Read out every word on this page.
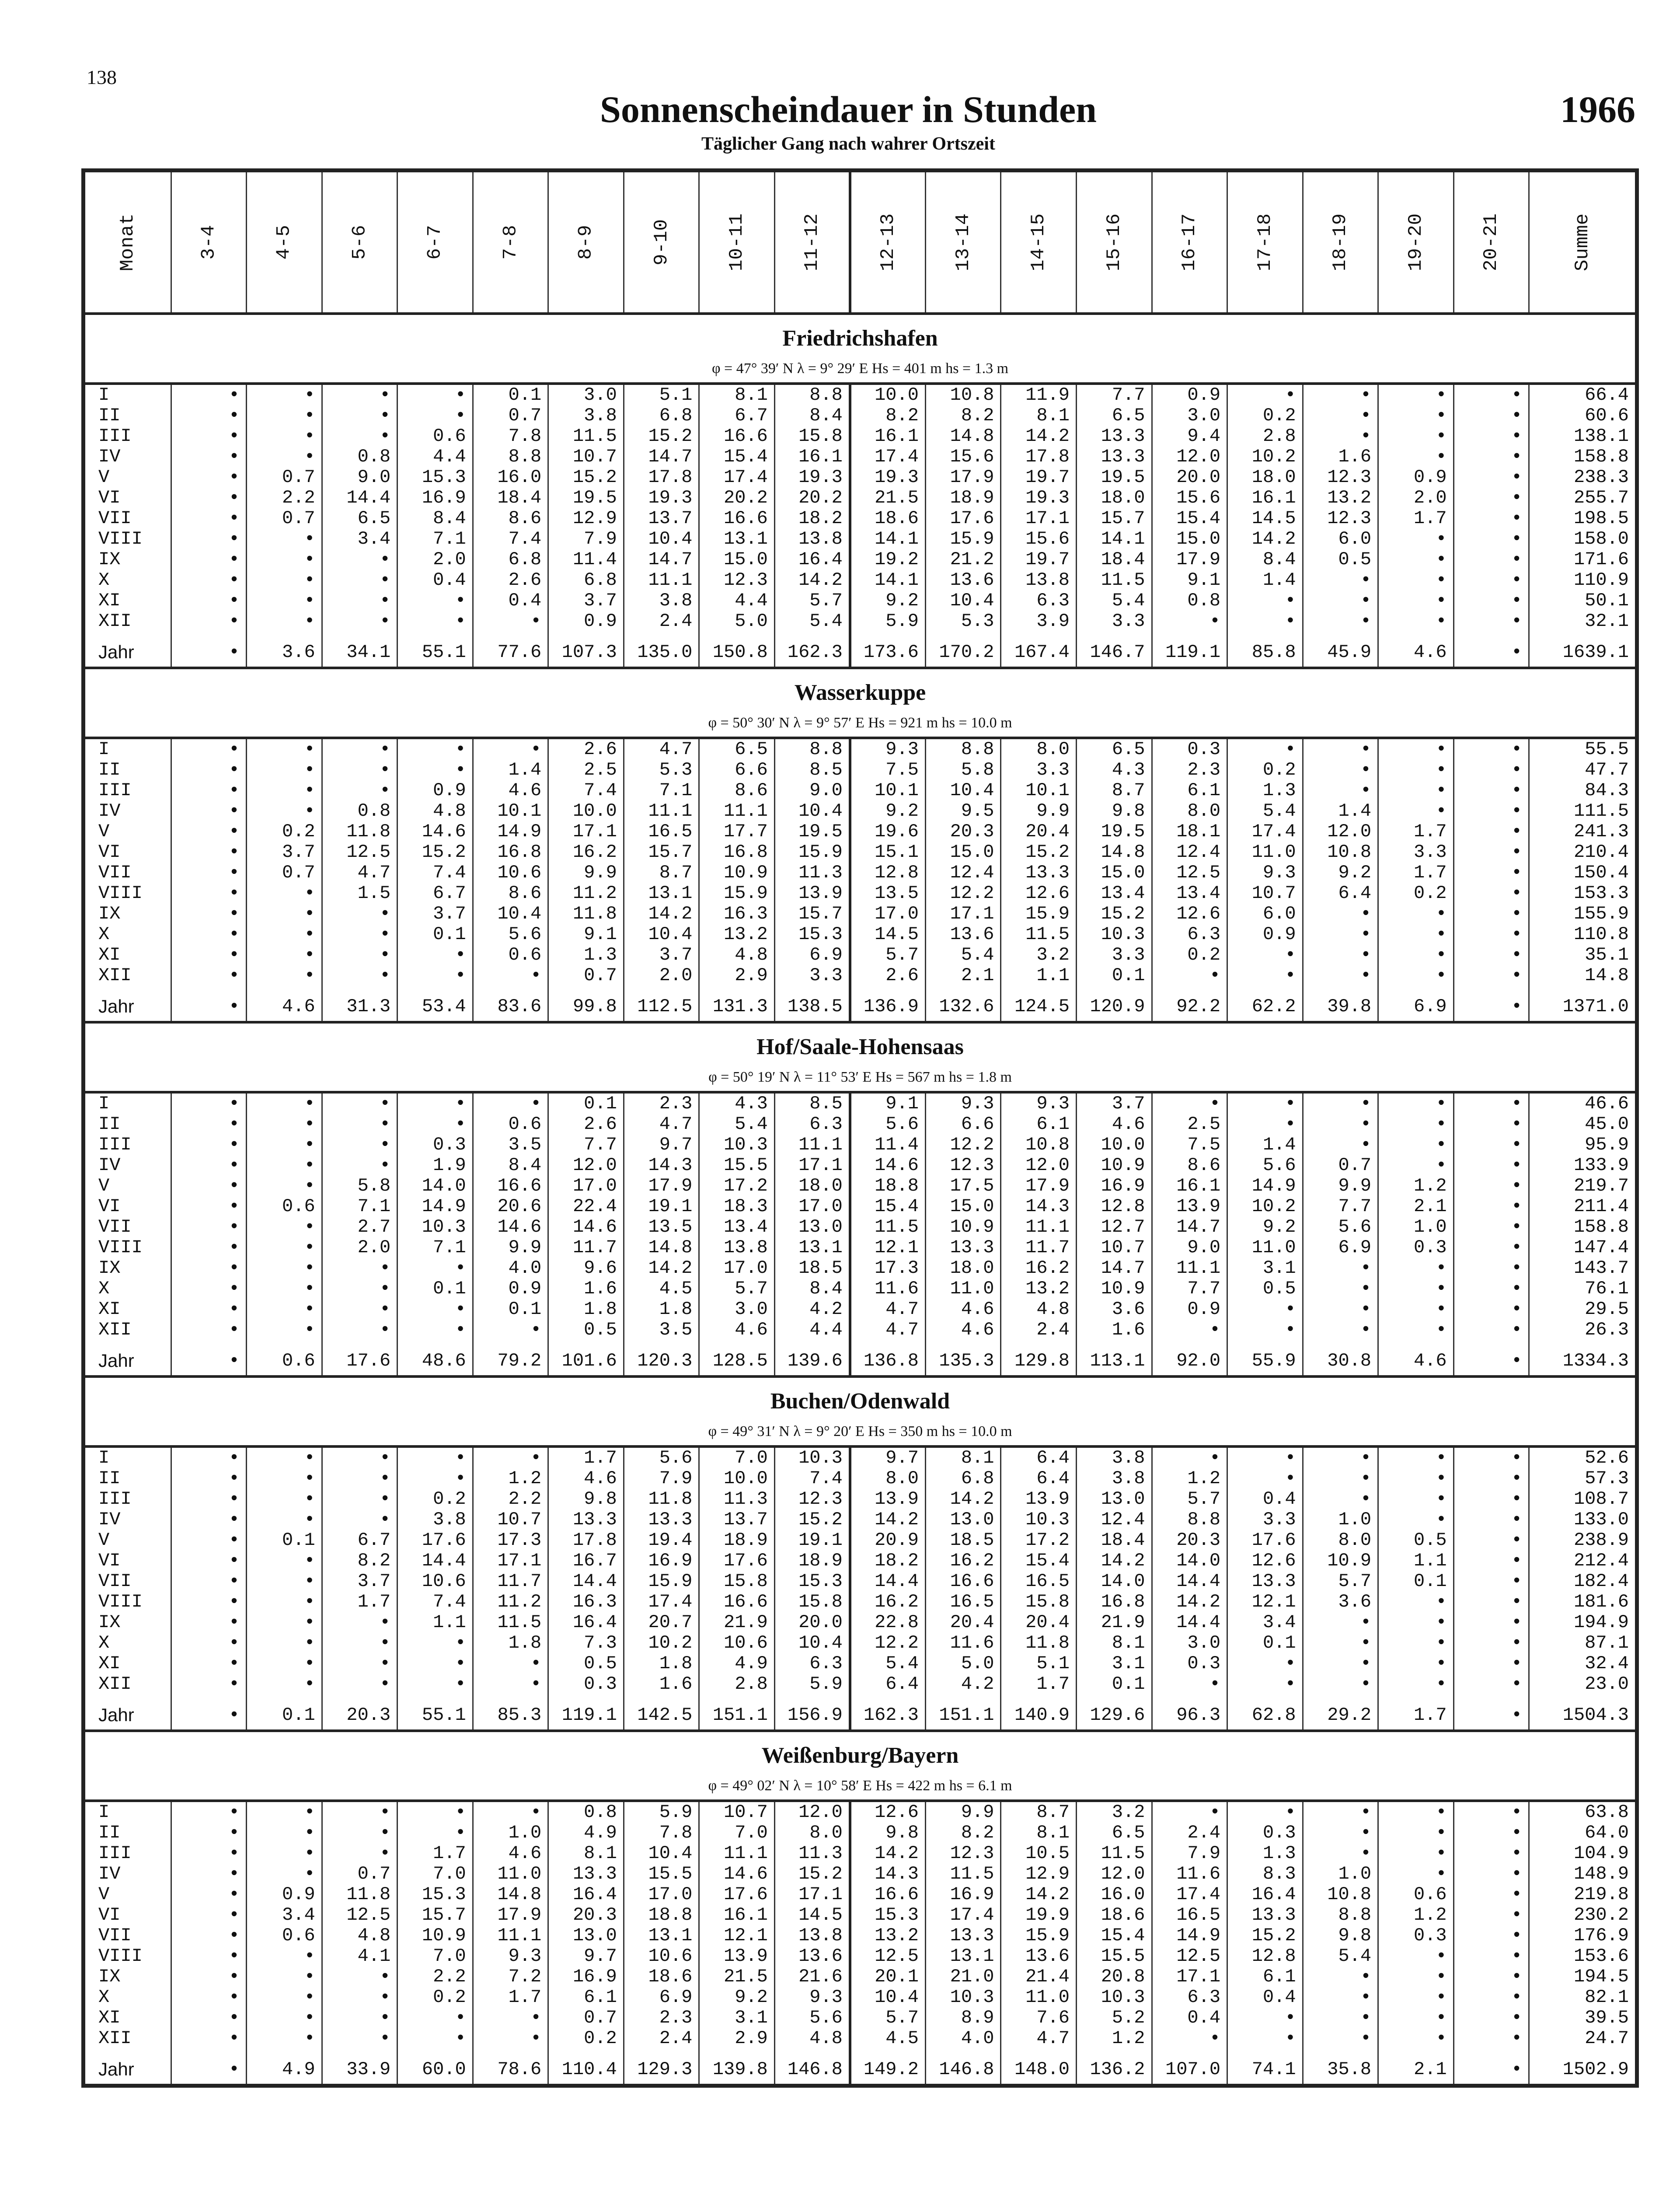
138
Sonnenscheindauer in Stunden	1966
Täglicher Gang nach wahrer Ortszeit
Monat	3-4	4-5	5-6	6-7	7-8	8-9	9-10	10-11	11-12	12-13	13-14	14-15	15-16	16-17	17-18	18-19	19-20	20-21	Summe
Friedrichshafen																			
φ = 47° 39′ N λ = 9° 29′ E Hs = 401 m hs = 1.3 m																			
I	•	•	•	•	0.1	3.0	5.1	8.1	8.8	10.0	10.8	11.9	7.7	0.9	•	•	•	•	66.4
II	•	•	•	•	0.7	3.8	6.8	6.7	8.4	8.2	8.2	8.1	6.5	3.0	0.2	•	•	•	60.6
III	•	•	•	0.6	7.8	11.5	15.2	16.6	15.8	16.1	14.8	14.2	13.3	9.4	2.8	•	•	•	138.1
IV	•	•	0.8	4.4	8.8	10.7	14.7	15.4	16.1	17.4	15.6	17.8	13.3	12.0	10.2	1.6	•	•	158.8
V	•	0.7	9.0	15.3	16.0	15.2	17.8	17.4	19.3	19.3	17.9	19.7	19.5	20.0	18.0	12.3	0.9	•	238.3
VI	•	2.2	14.4	16.9	18.4	19.5	19.3	20.2	20.2	21.5	18.9	19.3	18.0	15.6	16.1	13.2	2.0	•	255.7
VII	•	0.7	6.5	8.4	8.6	12.9	13.7	16.6	18.2	18.6	17.6	17.1	15.7	15.4	14.5	12.3	1.7	•	198.5
VIII	•	•	3.4	7.1	7.4	7.9	10.4	13.1	13.8	14.1	15.9	15.6	14.1	15.0	14.2	6.0	•	•	158.0
IX	•	•	•	2.0	6.8	11.4	14.7	15.0	16.4	19.2	21.2	19.7	18.4	17.9	8.4	0.5	•	•	171.6
X	•	•	•	0.4	2.6	6.8	11.1	12.3	14.2	14.1	13.6	13.8	11.5	9.1	1.4	•	•	•	110.9
XI	•	•	•	•	0.4	3.7	3.8	4.4	5.7	9.2	10.4	6.3	5.4	0.8	•	•	•	•	50.1
XII	•	•	•	•	•	0.9	2.4	5.0	5.4	5.9	5.3	3.9	3.3	•	•	•	•	•	32.1

Jahr	•	3.6	34.1	55.1	77.6	107.3	135.0	150.8	162.3	173.6	170.2	167.4	146.7	119.1	85.8	45.9	4.6	•	1639.1
Wasserkuppe																			
φ = 50° 30′ N λ = 9° 57′ E Hs = 921 m hs = 10.0 m																			
I	•	•	•	•	•	2.6	4.7	6.5	8.8	9.3	8.8	8.0	6.5	0.3	•	•	•	•	55.5
II	•	•	•	•	1.4	2.5	5.3	6.6	8.5	7.5	5.8	3.3	4.3	2.3	0.2	•	•	•	47.7
III	•	•	•	0.9	4.6	7.4	7.1	8.6	9.0	10.1	10.4	10.1	8.7	6.1	1.3	•	•	•	84.3
IV	•	•	0.8	4.8	10.1	10.0	11.1	11.1	10.4	9.2	9.5	9.9	9.8	8.0	5.4	1.4	•	•	111.5
V	•	0.2	11.8	14.6	14.9	17.1	16.5	17.7	19.5	19.6	20.3	20.4	19.5	18.1	17.4	12.0	1.7	•	241.3
VI	•	3.7	12.5	15.2	16.8	16.2	15.7	16.8	15.9	15.1	15.0	15.2	14.8	12.4	11.0	10.8	3.3	•	210.4
VII	•	0.7	4.7	7.4	10.6	9.9	8.7	10.9	11.3	12.8	12.4	13.3	15.0	12.5	9.3	9.2	1.7	•	150.4
VIII	•	•	1.5	6.7	8.6	11.2	13.1	15.9	13.9	13.5	12.2	12.6	13.4	13.4	10.7	6.4	0.2	•	153.3
IX	•	•	•	3.7	10.4	11.8	14.2	16.3	15.7	17.0	17.1	15.9	15.2	12.6	6.0	•	•	•	155.9
X	•	•	•	0.1	5.6	9.1	10.4	13.2	15.3	14.5	13.6	11.5	10.3	6.3	0.9	•	•	•	110.8
XI	•	•	•	•	0.6	1.3	3.7	4.8	6.9	5.7	5.4	3.2	3.3	0.2	•	•	•	•	35.1
XII	•	•	•	•	•	0.7	2.0	2.9	3.3	2.6	2.1	1.1	0.1	•	•	•	•	•	14.8

Jahr	•	4.6	31.3	53.4	83.6	99.8	112.5	131.3	138.5	136.9	132.6	124.5	120.9	92.2	62.2	39.8	6.9	•	1371.0
Hof/Saale-Hohensaas																			
φ = 50° 19′ N λ = 11° 53′ E Hs = 567 m hs = 1.8 m																			
I	•	•	•	•	•	0.1	2.3	4.3	8.5	9.1	9.3	9.3	3.7	•	•	•	•	•	46.6
II	•	•	•	•	0.6	2.6	4.7	5.4	6.3	5.6	6.6	6.1	4.6	2.5	•	•	•	•	45.0
III	•	•	•	0.3	3.5	7.7	9.7	10.3	11.1	11.4	12.2	10.8	10.0	7.5	1.4	•	•	•	95.9
IV	•	•	•	1.9	8.4	12.0	14.3	15.5	17.1	14.6	12.3	12.0	10.9	8.6	5.6	0.7	•	•	133.9
V	•	•	5.8	14.0	16.6	17.0	17.9	17.2	18.0	18.8	17.5	17.9	16.9	16.1	14.9	9.9	1.2	•	219.7
VI	•	0.6	7.1	14.9	20.6	22.4	19.1	18.3	17.0	15.4	15.0	14.3	12.8	13.9	10.2	7.7	2.1	•	211.4
VII	•	•	2.7	10.3	14.6	14.6	13.5	13.4	13.0	11.5	10.9	11.1	12.7	14.7	9.2	5.6	1.0	•	158.8
VIII	•	•	2.0	7.1	9.9	11.7	14.8	13.8	13.1	12.1	13.3	11.7	10.7	9.0	11.0	6.9	0.3	•	147.4
IX	•	•	•	•	4.0	9.6	14.2	17.0	18.5	17.3	18.0	16.2	14.7	11.1	3.1	•	•	•	143.7
X	•	•	•	0.1	0.9	1.6	4.5	5.7	8.4	11.6	11.0	13.2	10.9	7.7	0.5	•	•	•	76.1
XI	•	•	•	•	0.1	1.8	1.8	3.0	4.2	4.7	4.6	4.8	3.6	0.9	•	•	•	•	29.5
XII	•	•	•	•	•	0.5	3.5	4.6	4.4	4.7	4.6	2.4	1.6	•	•	•	•	•	26.3

Jahr	•	0.6	17.6	48.6	79.2	101.6	120.3	128.5	139.6	136.8	135.3	129.8	113.1	92.0	55.9	30.8	4.6	•	1334.3
Buchen/Odenwald																			
φ = 49° 31′ N λ = 9° 20′ E Hs = 350 m hs = 10.0 m																			
I	•	•	•	•	•	1.7	5.6	7.0	10.3	9.7	8.1	6.4	3.8	•	•	•	•	•	52.6
II	•	•	•	•	1.2	4.6	7.9	10.0	7.4	8.0	6.8	6.4	3.8	1.2	•	•	•	•	57.3
III	•	•	•	0.2	2.2	9.8	11.8	11.3	12.3	13.9	14.2	13.9	13.0	5.7	0.4	•	•	•	108.7
IV	•	•	•	3.8	10.7	13.3	13.3	13.7	15.2	14.2	13.0	10.3	12.4	8.8	3.3	1.0	•	•	133.0
V	•	0.1	6.7	17.6	17.3	17.8	19.4	18.9	19.1	20.9	18.5	17.2	18.4	20.3	17.6	8.0	0.5	•	238.9
VI	•	•	8.2	14.4	17.1	16.7	16.9	17.6	18.9	18.2	16.2	15.4	14.2	14.0	12.6	10.9	1.1	•	212.4
VII	•	•	3.7	10.6	11.7	14.4	15.9	15.8	15.3	14.4	16.6	16.5	14.0	14.4	13.3	5.7	0.1	•	182.4
VIII	•	•	1.7	7.4	11.2	16.3	17.4	16.6	15.8	16.2	16.5	15.8	16.8	14.2	12.1	3.6	•	•	181.6
IX	•	•	•	1.1	11.5	16.4	20.7	21.9	20.0	22.8	20.4	20.4	21.9	14.4	3.4	•	•	•	194.9
X	•	•	•	•	1.8	7.3	10.2	10.6	10.4	12.2	11.6	11.8	8.1	3.0	0.1	•	•	•	87.1
XI	•	•	•	•	•	0.5	1.8	4.9	6.3	5.4	5.0	5.1	3.1	0.3	•	•	•	•	32.4
XII	•	•	•	•	•	0.3	1.6	2.8	5.9	6.4	4.2	1.7	0.1	•	•	•	•	•	23.0

Jahr	•	0.1	20.3	55.1	85.3	119.1	142.5	151.1	156.9	162.3	151.1	140.9	129.6	96.3	62.8	29.2	1.7	•	1504.3
Weißenburg/Bayern																			
φ = 49° 02′ N λ = 10° 58′ E Hs = 422 m hs = 6.1 m																			
I	•	•	•	•	•	0.8	5.9	10.7	12.0	12.6	9.9	8.7	3.2	•	•	•	•	•	63.8
II	•	•	•	•	1.0	4.9	7.8	7.0	8.0	9.8	8.2	8.1	6.5	2.4	0.3	•	•	•	64.0
III	•	•	•	1.7	4.6	8.1	10.4	11.1	11.3	14.2	12.3	10.5	11.5	7.9	1.3	•	•	•	104.9
IV	•	•	0.7	7.0	11.0	13.3	15.5	14.6	15.2	14.3	11.5	12.9	12.0	11.6	8.3	1.0	•	•	148.9
V	•	0.9	11.8	15.3	14.8	16.4	17.0	17.6	17.1	16.6	16.9	14.2	16.0	17.4	16.4	10.8	0.6	•	219.8
VI	•	3.4	12.5	15.7	17.9	20.3	18.8	16.1	14.5	15.3	17.4	19.9	18.6	16.5	13.3	8.8	1.2	•	230.2
VII	•	0.6	4.8	10.9	11.1	13.0	13.1	12.1	13.8	13.2	13.3	15.9	15.4	14.9	15.2	9.8	0.3	•	176.9
VIII	•	•	4.1	7.0	9.3	9.7	10.6	13.9	13.6	12.5	13.1	13.6	15.5	12.5	12.8	5.4	•	•	153.6
IX	•	•	•	2.2	7.2	16.9	18.6	21.5	21.6	20.1	21.0	21.4	20.8	17.1	6.1	•	•	•	194.5
X	•	•	•	0.2	1.7	6.1	6.9	9.2	9.3	10.4	10.3	11.0	10.3	6.3	0.4	•	•	•	82.1
XI	•	•	•	•	•	0.7	2.3	3.1	5.6	5.7	8.9	7.6	5.2	0.4	•	•	•	•	39.5
XII	•	•	•	•	•	0.2	2.4	2.9	4.8	4.5	4.0	4.7	1.2	•	•	•	•	•	24.7

Jahr	•	4.9	33.9	60.0	78.6	110.4	129.3	139.8	146.8	149.2	146.8	148.0	136.2	107.0	74.1	35.8	2.1	•	1502.9
